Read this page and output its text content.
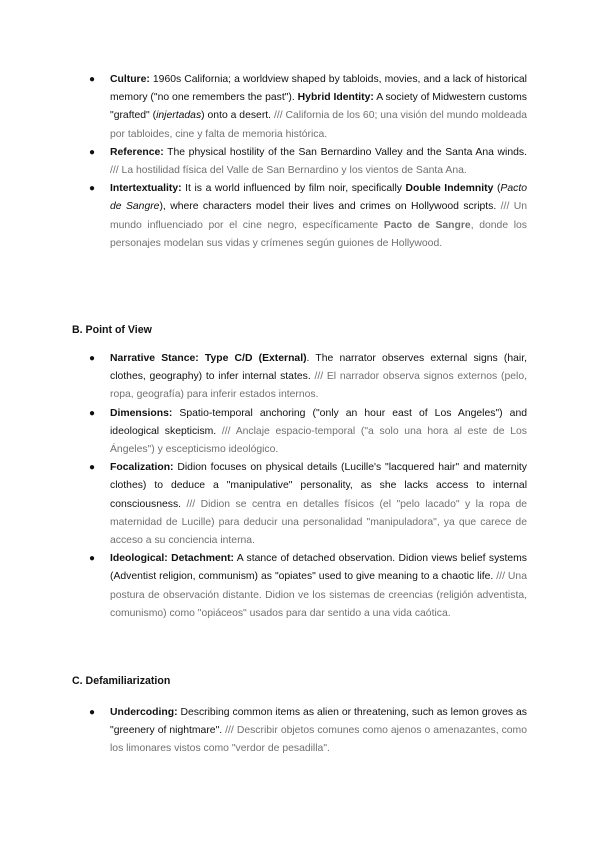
● Culture: 1960s California; a worldview shaped by tabloids, movies, and a lack of historical memory ("no one remembers the past"). Hybrid Identity: A society of Midwestern customs "grafted" (injertadas) onto a desert. /// California de los 60; una visión del mundo moldeada por tabloides, cine y falta de memoria histórica.
● Reference: The physical hostility of the San Bernardino Valley and the Santa Ana winds. /// La hostilidad física del Valle de San Bernardino y los vientos de Santa Ana.
● Intertextuality: It is a world influenced by film noir, specifically Double Indemnity (Pacto de Sangre), where characters model their lives and crimes on Hollywood scripts. /// Un mundo influenciado por el cine negro, específicamente Pacto de Sangre, donde los personajes modelan sus vidas y crímenes según guiones de Hollywood.
B. Point of View
● Narrative Stance: Type C/D (External). The narrator observes external signs (hair, clothes, geography) to infer internal states. /// El narrador observa signos externos (pelo, ropa, geografía) para inferir estados internos.
● Dimensions: Spatio-temporal anchoring ("only an hour east of Los Angeles") and ideological skepticism. /// Anclaje espacio-temporal ("a solo una hora al este de Los Ángeles") y escepticismo ideológico.
● Focalization: Didion focuses on physical details (Lucille's "lacquered hair" and maternity clothes) to deduce a "manipulative" personality, as she lacks access to internal consciousness. /// Didion se centra en detalles físicos (el "pelo lacado" y la ropa de maternidad de Lucille) para deducir una personalidad "manipuladora", ya que carece de acceso a su conciencia interna.
● Ideological: Detachment: A stance of detached observation. Didion views belief systems (Adventist religion, communism) as "opiates" used to give meaning to a chaotic life. /// Una postura de observación distante. Didion ve los sistemas de creencias (religión adventista, comunismo) como "opiáceos" usados para dar sentido a una vida caótica.
C. Defamiliarization
● Undercoding: Describing common items as alien or threatening, such as lemon groves as "greenery of nightmare". /// Describir objetos comunes como ajenos o amenazantes, como los limonares vistos como "verdor de pesadilla".
